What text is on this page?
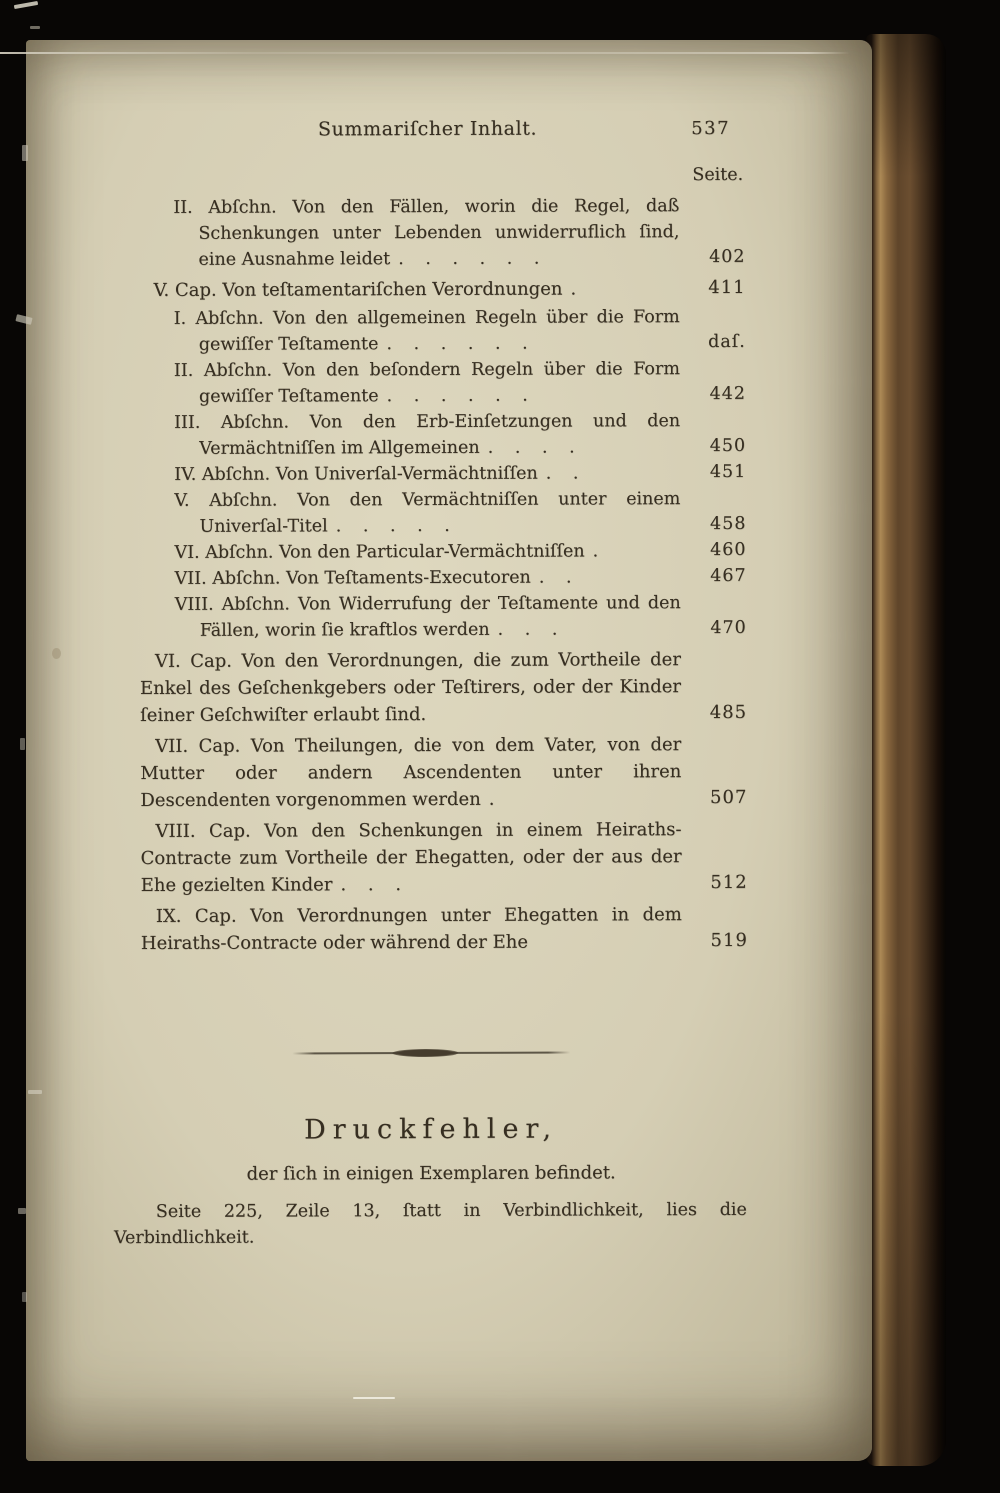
Summariſcher Inhalt.	537
Seite.
II. Abſchn. Von den Fällen, worin die Regel, daß Schenkungen unter Lebenden unwiderruflich ſind, eine Ausnahme leidet . . . . . .	402
V. Cap. Von teſtamentariſchen Verordnungen .	411
I. Abſchn. Von den allgemeinen Regeln über die Form gewiſſer Teſtamente . . . . . .	daſ.
II. Abſchn. Von den beſondern Regeln über die Form gewiſſer Teſtamente . . . . . .	442
III. Abſchn. Von den Erb-Einſetzungen und den Vermächtniſſen im Allgemeinen . . . .	450
IV. Abſchn. Von Univerſal-Vermächtniſſen . .	451
V. Abſchn. Von den Vermächtniſſen unter einem Univerſal-Titel . . . . .	458
VI. Abſchn. Von den Particular-Vermächtniſſen .	460
VII. Abſchn. Von Teſtaments-Executoren . .	467
VIII. Abſchn. Von Widerrufung der Teſtamente und den Fällen, worin ſie kraftlos werden . . .	470
VI. Cap. Von den Verordnungen, die zum Vortheile der Enkel des Geſchenkgebers oder Teſtirers, oder der Kinder ſeiner Geſchwiſter erlaubt ſind.	485
VII. Cap. Von Theilungen, die von dem Vater, von der Mutter oder andern Ascendenten unter ihren Descendenten vorgenommen werden .	507
VIII. Cap. Von den Schenkungen in einem Heiraths-Contracte zum Vortheile der Ehegatten, oder der aus der Ehe gezielten Kinder . . .	512
IX. Cap. Von Verordnungen unter Ehegatten in dem Heiraths-Contracte oder während der Ehe	519
Druckfehler,
der ſich in einigen Exemplaren befindet.
Seite 225, Zeile 13, ſtatt in Verbindlichkeit, lies die Verbindlichkeit.
